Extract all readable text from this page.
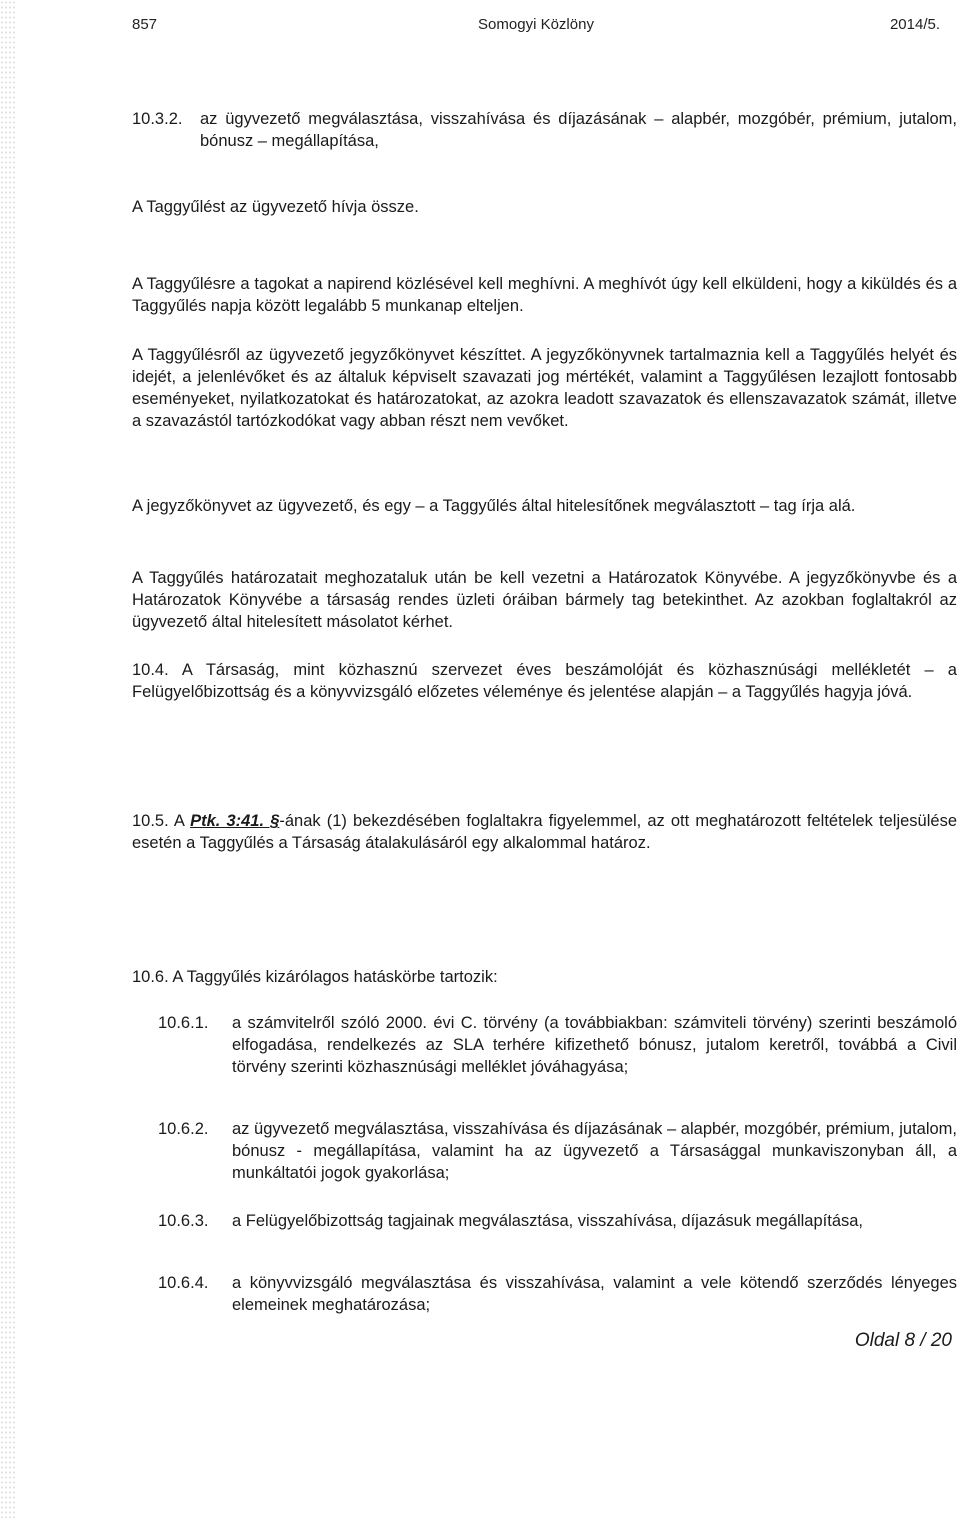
857	Somogyi Közlöny	2014/5.
10.3.2.	az ügyvezető megválasztása, visszahívása és díjazásának – alapbér, mozgóbér, prémium, jutalom, bónusz – megállapítása,

A Taggyűlést az ügyvezető hívja össze.

A Taggyűlésre a tagokat a napirend közlésével kell meghívni. A meghívót úgy kell elküldeni, hogy a kiküldés és a Taggyűlés napja között legalább 5 munkanap elteljen.

A Taggyűlésről az ügyvezető jegyzőkönyvet készíttet. A jegyzőkönyvnek tartalmaznia kell a Taggyűlés helyét és idejét, a jelenlévőket és az általuk képviselt szavazati jog mértékét, valamint a Taggyűlésen lezajlott fontosabb eseményeket, nyilatkozatokat és határozatokat, az azokra leadott szavazatok és ellenszavazatok számát, illetve a szavazástól tartózkodókat vagy abban részt nem vevőket.

A jegyzőkönyvet az ügyvezető, és egy – a Taggyűlés által hitelesítőnek megválasztott – tag írja alá.

A Taggyűlés határozatait meghozataluk után be kell vezetni a Határozatok Könyvébe. A jegyzőkönyvbe és a Határozatok Könyvébe a társaság rendes üzleti óráiban bármely tag betekinthet. Az azokban foglaltakról az ügyvezető által hitelesített másolatot kérhet.

10.4. A Társaság, mint közhasznú szervezet éves beszámolóját és közhasznúsági mellékletét – a Felügyelőbizottság és a könyvvizsgáló előzetes véleménye és jelentése alapján – a Taggyűlés hagyja jóvá.

10.5. A Ptk. 3:41. §-ának (1) bekezdésében foglaltakra figyelemmel, az ott meghatározott feltételek teljesülése esetén a Taggyűlés a Társaság átalakulásáról egy alkalommal határoz.

10.6. A Taggyűlés kizárólagos hatáskörbe tartozik:

10.6.1.	a számvitelről szóló 2000. évi C. törvény (a továbbiakban: számviteli törvény) szerinti beszámoló elfogadása, rendelkezés az SLA terhére kifizethető bónusz, jutalom keretről, továbbá a Civil törvény szerinti közhasznúsági melléklet jóváhagyása;

10.6.2.	az ügyvezető megválasztása, visszahívása és díjazásának – alapbér, mozgóbér, prémium, jutalom, bónusz - megállapítása, valamint ha az ügyvezető a Társasággal munkaviszonyban áll, a munkáltatói jogok gyakorlása;

10.6.3.	a Felügyelőbizottság tagjainak megválasztása, visszahívása, díjazásuk megállapítása,

10.6.4.	a könyvvizsgáló megválasztása és visszahívása, valamint a vele kötendő szerződés lényeges elemeinek meghatározása;

Oldal 8 / 20
